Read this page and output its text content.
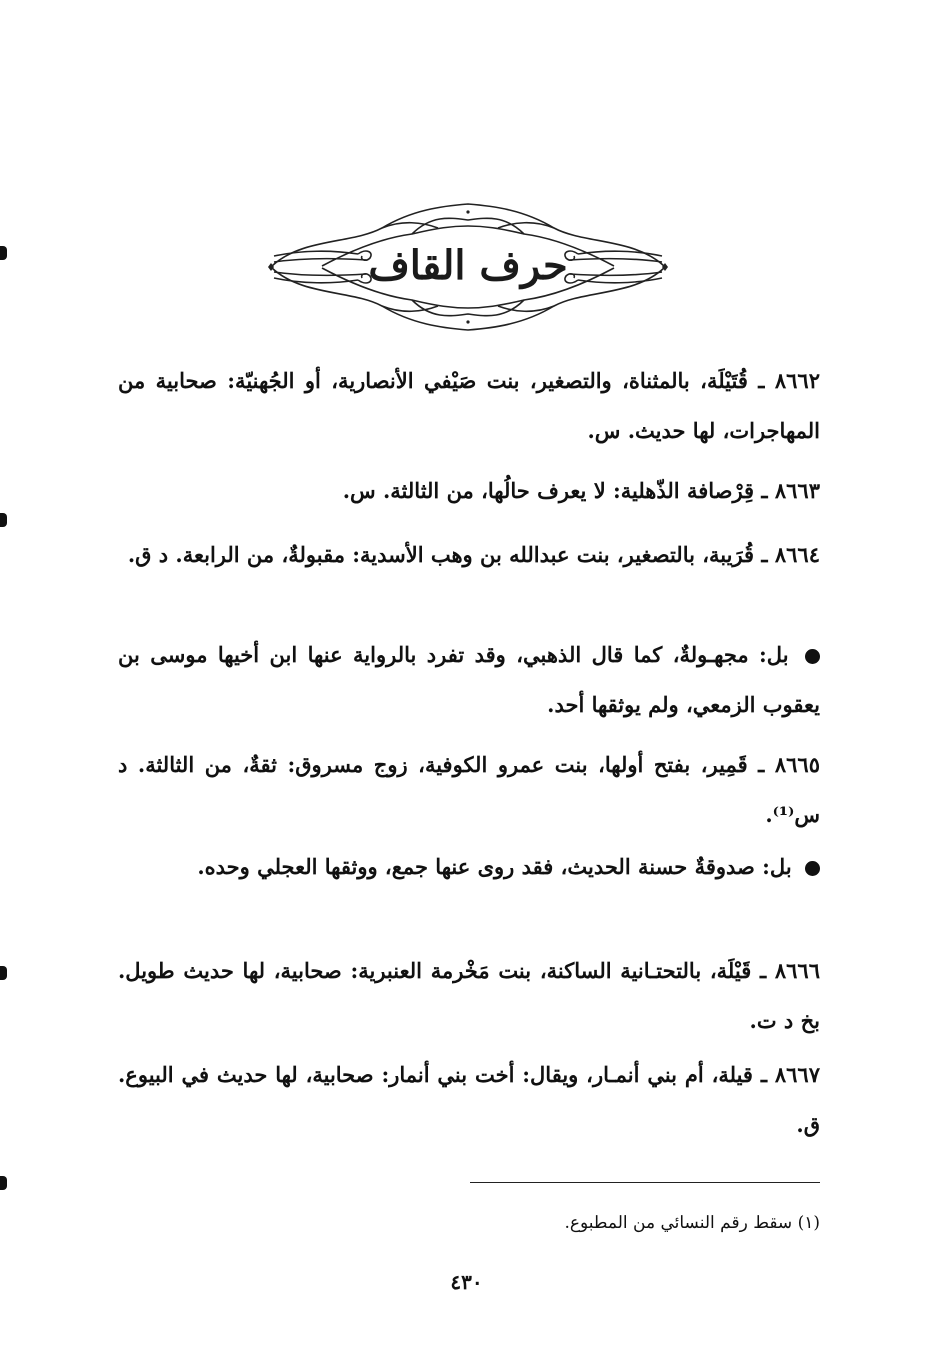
حرف القاف
٨٦٦٢ ـ قُتَيْلَة، بالمثناة، والتصغير، بنت صَيْفي الأنصارية، أو الجُهنيّة: صحابية من المهاجرات، لها حديث. س.
٨٦٦٣ ـ قِرْصافة الذّهلية: لا يعرف حالُها، من الثالثة. س.
٨٦٦٤ ـ قُرَيبة، بالتصغير، بنت عبدالله بن وهب الأسدية: مقبولةٌ، من الرابعة. د ق.
بل: مجهـولةٌ، كما قال الذهبي، وقد تفرد بالرواية عنها ابن أخيها موسى بن يعقوب الزمعي، ولم يوثقها أحد.
٨٦٦٥ ـ قَمِير، بفتح أولها، بنت عمرو الكوفية، زوج مسروق: ثقةٌ، من الثالثة. د س⁽¹⁾.
بل: صدوقةٌ حسنة الحديث، فقد روى عنها جمع، ووثقها العجلي وحده.
٨٦٦٦ ـ قَيْلَة، بالتحتـانية الساكنة، بنت مَخْرمة العنبرية: صحابية، لها حديث طويل. بخ د ت.
٨٦٦٧ ـ قيلة، أم بني أنمـار، ويقال: أخت بني أنمار: صحابية، لها حديث في البيوع. ق.
(١) سقط رقم النسائي من المطبوع.
٤٣٠
